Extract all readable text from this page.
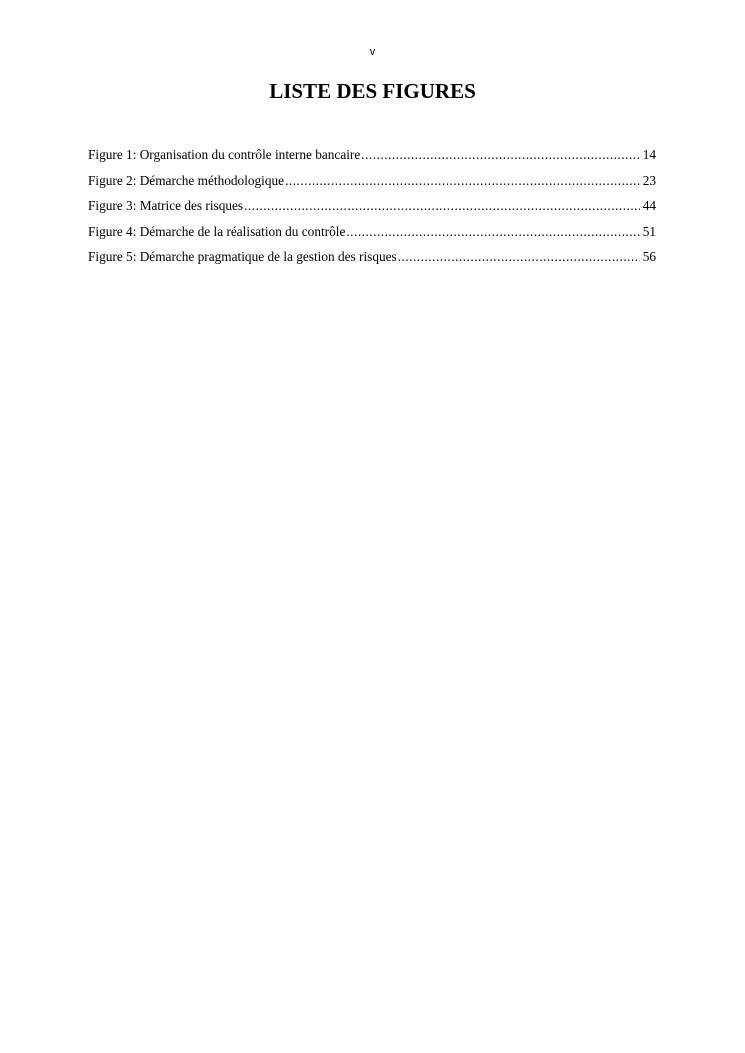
v
LISTE DES FIGURES
Figure 1: Organisation du contrôle interne bancaire .....	14
Figure 2: Démarche méthodologique .....	23
Figure 3: Matrice des risques .....	44
Figure 4: Démarche de la réalisation du contrôle .....	51
Figure 5: Démarche pragmatique de la gestion des risques .....	56
